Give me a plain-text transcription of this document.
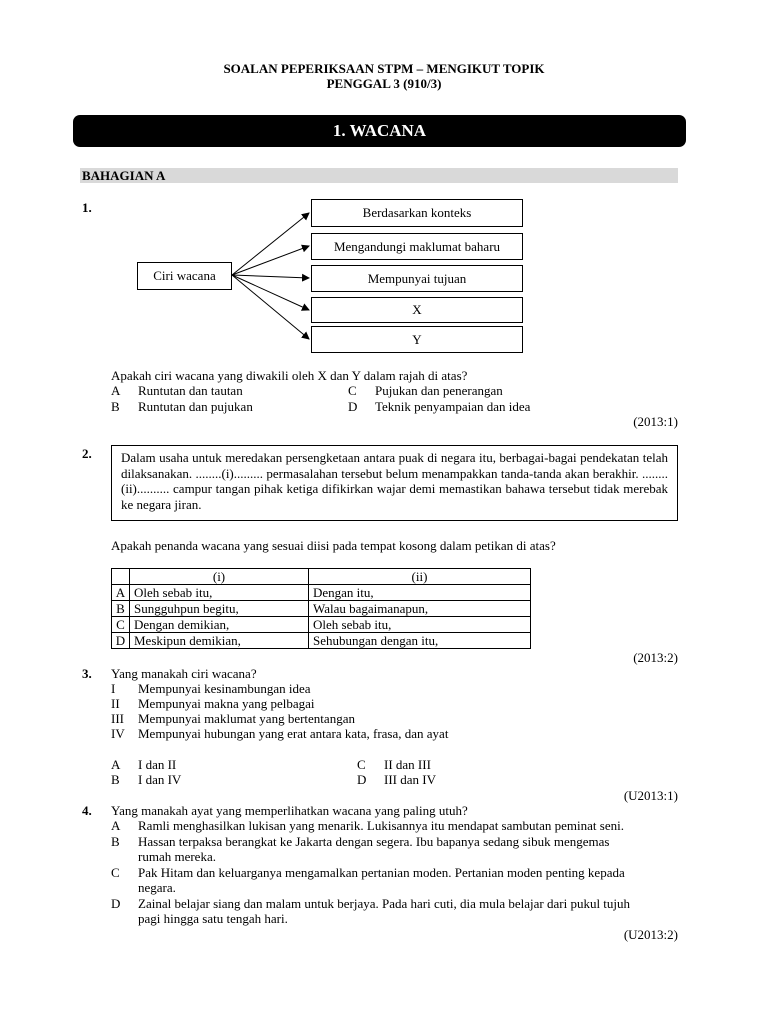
SOALAN PEPERIKSAAN STPM – MENGIKUT TOPIK
PENGGAL 3 (910/3)
1. WACANA
BAHAGIAN A
1.
Ciri wacana
Berdasarkan konteks
Mengandungi maklumat baharu
Mempunyai tujuan
X
Y
Apakah ciri wacana yang diwakili oleh X dan Y dalam rajah di atas?
A Runtutan dan tautan
B Runtutan dan pujukan
C Pujukan dan penerangan
D Teknik penyampaian dan idea
(2013:1)
2.	Dalam usaha untuk meredakan persengketaan antara puak di negara itu, berbagai-bagai pendekatan telah dilaksanakan. ........(i)......... permasalahan tersebut belum menampakkan tanda-tanda akan berakhir. ........(ii).......... campur tangan pihak ketiga difikirkan wajar demi memastikan bahawa tersebut tidak merebak ke negara jiran.
Apakah penanda wacana yang sesuai diisi pada tempat kosong dalam petikan di atas?
	(i)	(ii)
A	Oleh sebab itu,	Dengan itu,
B	Sungguhpun begitu,	Walau bagaimanapun,
C	Dengan demikian,	Oleh sebab itu,
D	Meskipun demikian,	Sehubungan dengan itu,
(2013:2)
3. Yang manakah ciri wacana?
I Mempunyai kesinambungan idea
II Mempunyai makna yang pelbagai
III Mempunyai maklumat yang bertentangan
IV Mempunyai hubungan yang erat antara kata, frasa, dan ayat
A I dan II
B I dan IV
C II dan III
D III dan IV
(U2013:1)
4. Yang manakah ayat yang memperlihatkan wacana yang paling utuh?
A Ramli menghasilkan lukisan yang menarik. Lukisannya itu mendapat sambutan peminat seni.
B Hassan terpaksa berangkat ke Jakarta dengan segera. Ibu bapanya sedang sibuk mengemas
rumah mereka.
C Pak Hitam dan keluarganya mengamalkan pertanian moden. Pertanian moden penting kepada
negara.
D Zainal belajar siang dan malam untuk berjaya. Pada hari cuti, dia mula belajar dari pukul tujuh
pagi hingga satu tengah hari.
(U2013:2)
